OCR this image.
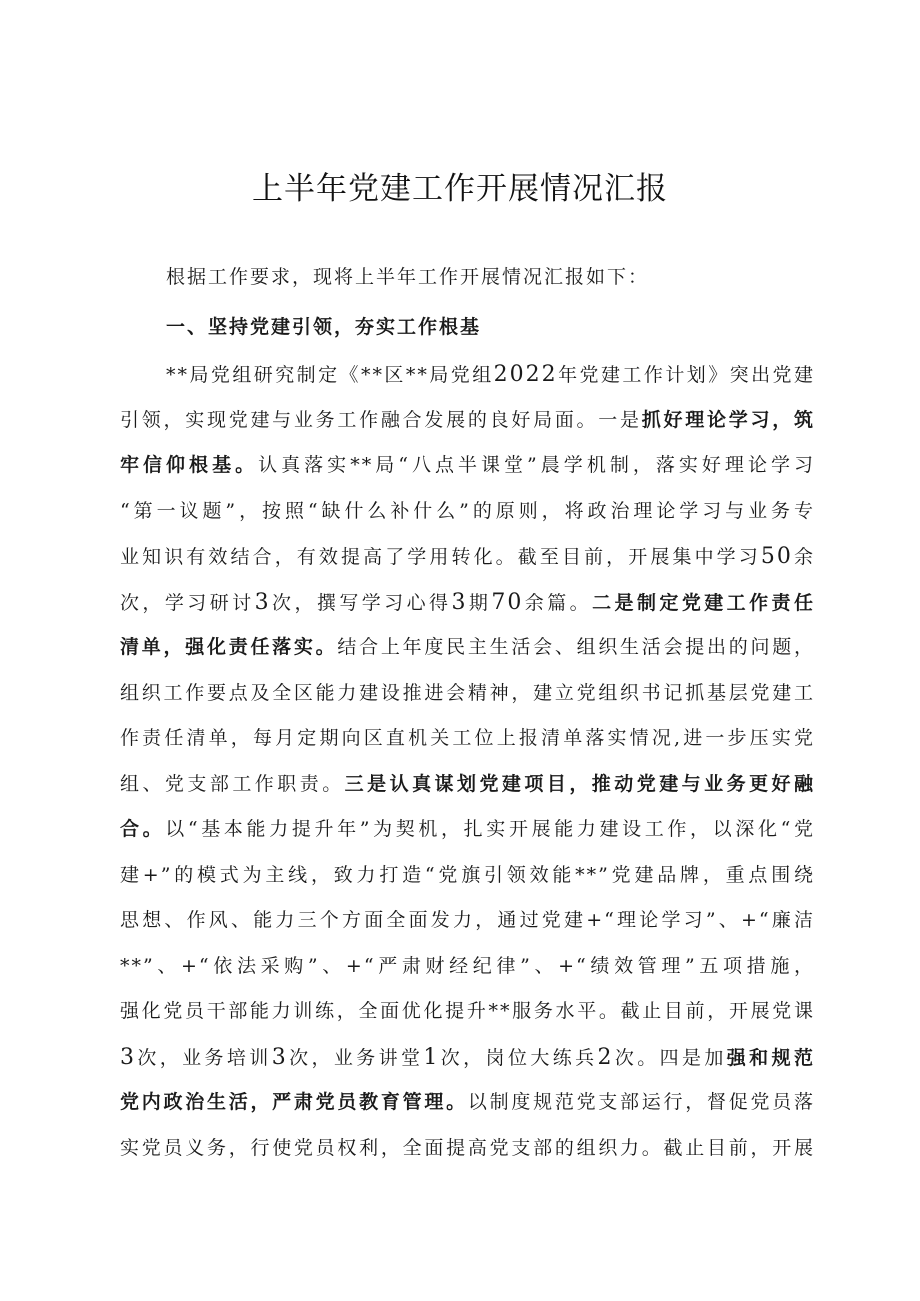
上半年党建工作开展情况汇报

根据工作要求，现将上半年工作开展情况汇报如下：

一、坚持党建引领，夯实工作根基

**局党组研究制定《**区**局党组2022年党建工作计划》突出党建
引领，实现党建与业务工作融合发展的良好局面。一是抓好理论学习，筑
牢信仰根基。认真落实**局“八点半课堂”晨学机制，落实好理论学习
“第一议题”，按照“缺什么补什么”的原则，将政治理论学习与业务专
业知识有效结合，有效提高了学用转化。截至目前，开展集中学习50余
次，学习研讨3次，撰写学习心得3期70余篇。二是制定党建工作责任
清单，强化责任落实。结合上年度民主生活会、组织生活会提出的问题，
组织工作要点及全区能力建设推进会精神，建立党组织书记抓基层党建工
作责任清单，每月定期向区直机关工位上报清单落实情况,进一步压实党
组、党支部工作职责。三是认真谋划党建项目，推动党建与业务更好融
合。以“基本能力提升年”为契机，扎实开展能力建设工作，以深化“党
建+”的模式为主线，致力打造“党旗引领效能**”党建品牌，重点围绕
思想、作风、能力三个方面全面发力，通过党建+“理论学习”、+“廉洁
**”、+“依法采购”、+“严肃财经纪律”、+“绩效管理”五项措施，
强化党员干部能力训练，全面优化提升**服务水平。截止目前，开展党课
3次，业务培训3次，业务讲堂1次，岗位大练兵2次。四是加强和规范
党内政治生活，严肃党员教育管理。以制度规范党支部运行，督促党员落
实党员义务，行使党员权利，全面提高党支部的组织力。截止目前，开展
